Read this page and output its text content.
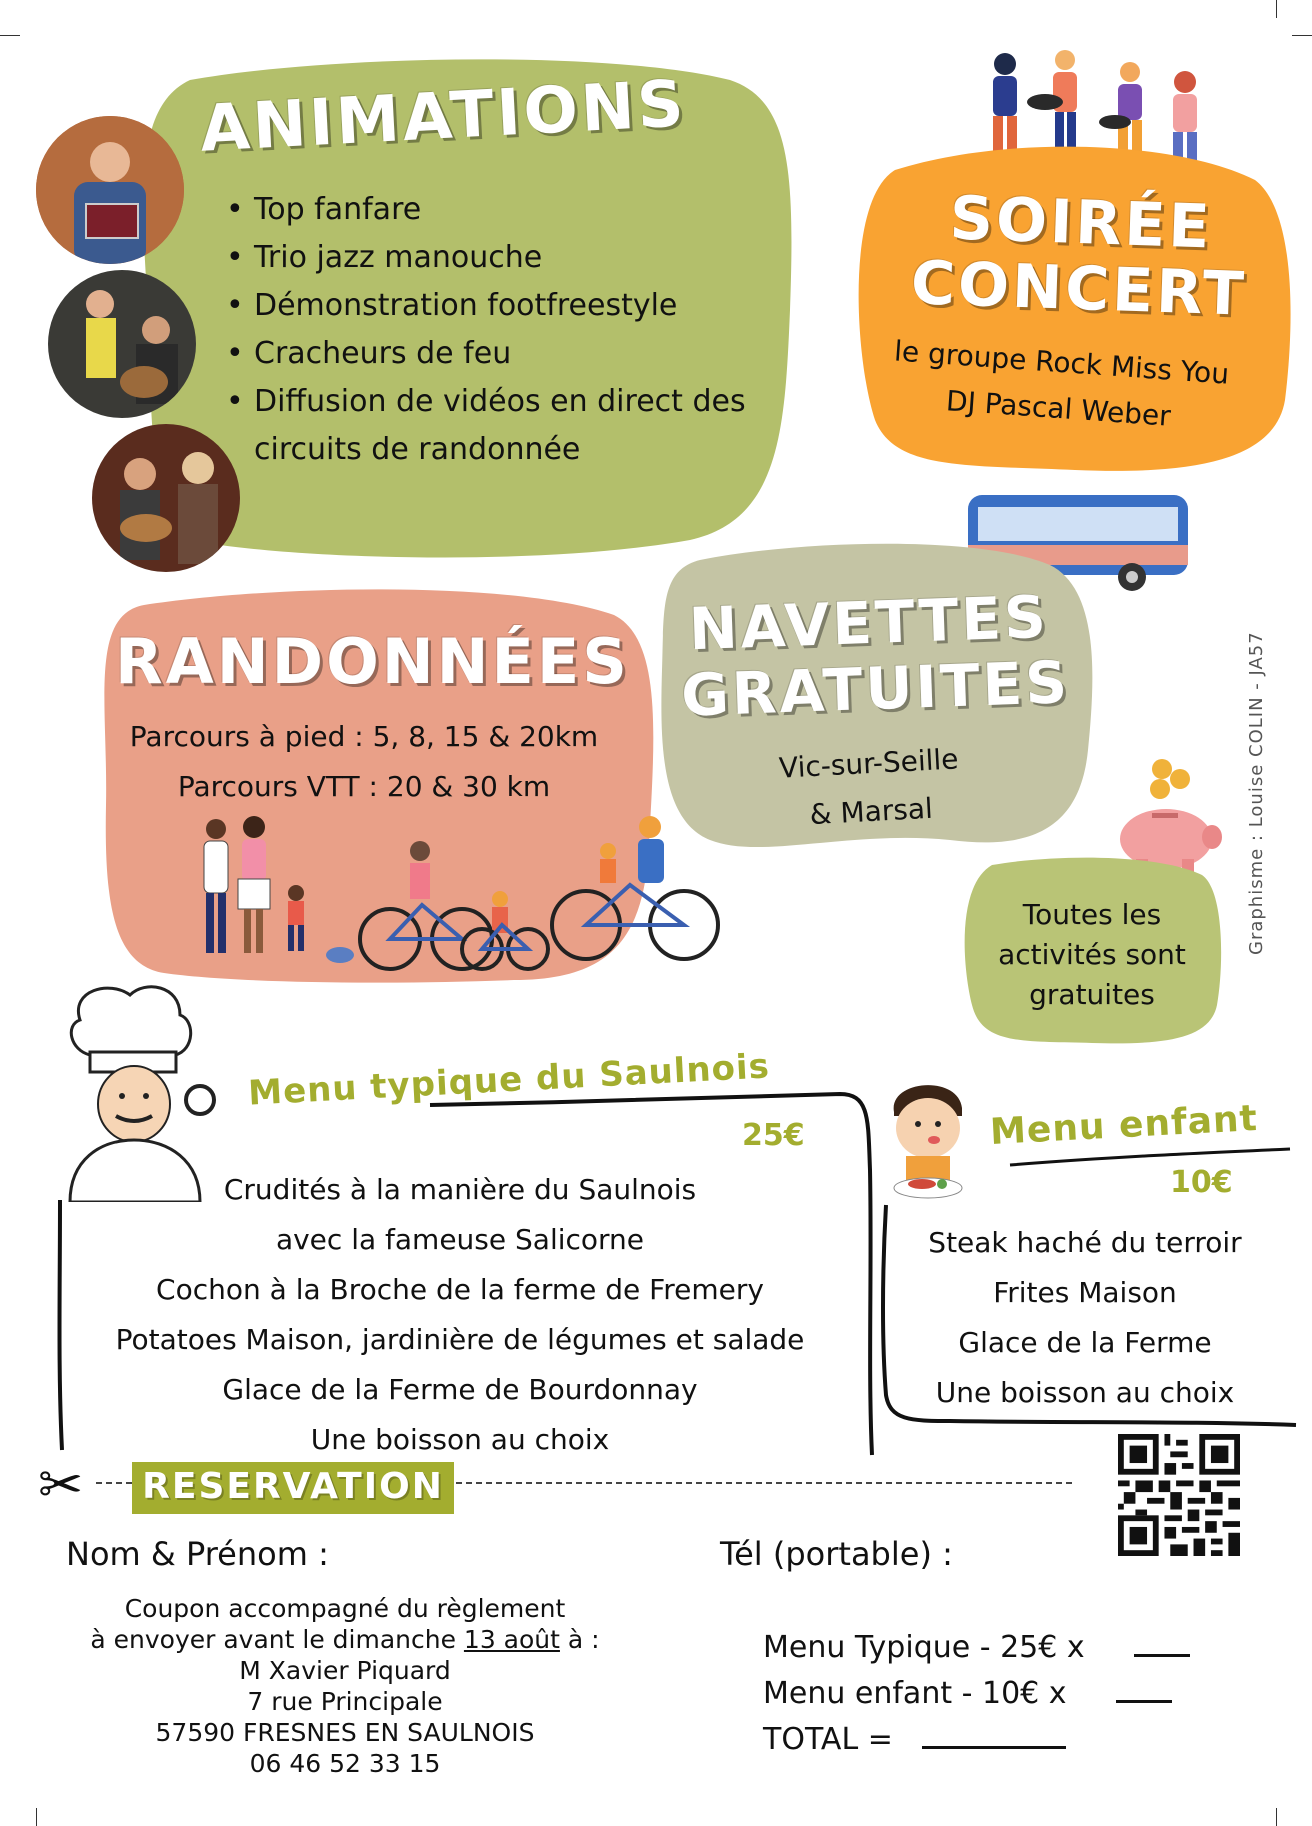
ANIMATIONS
• Top fanfare
• Trio jazz manouche
• Démonstration footfreestyle
• Cracheurs de feu
• Diffusion de vidéos en direct des
circuits de randonnée
SOIRÉE
CONCERT
le groupe Rock Miss You
DJ Pascal Weber
RANDONNÉES
Parcours à pied : 5, 8, 15 & 20km
Parcours VTT : 20 & 30 km
NAVETTES
GRATUITES
Vic-sur-Seille
& Marsal
Toutes les
activités sont
gratuites
Graphisme : Louise COLIN - JA57
Menu typique du Saulnois
25€
Crudités à la manière du Saulnois
avec la fameuse Salicorne
Cochon à la Broche de la ferme de Fremery
Potatoes Maison, jardinière de légumes et salade
Glace de la Ferme de Bourdonnay
Une boisson au choix
Menu enfant
10€
Steak haché du terroir
Frites Maison
Glace de la Ferme
Une boisson au choix
✂ RESERVATION
Nom & Prénom :	Tél (portable) :
Coupon accompagné du règlement
à envoyer avant le dimanche 13 août à :
M Xavier Piquard
7 rue Principale
57590 FRESNES EN SAULNOIS
06 46 52 33 15
Menu Typique - 25€ x
Menu enfant - 10€ x
TOTAL =
